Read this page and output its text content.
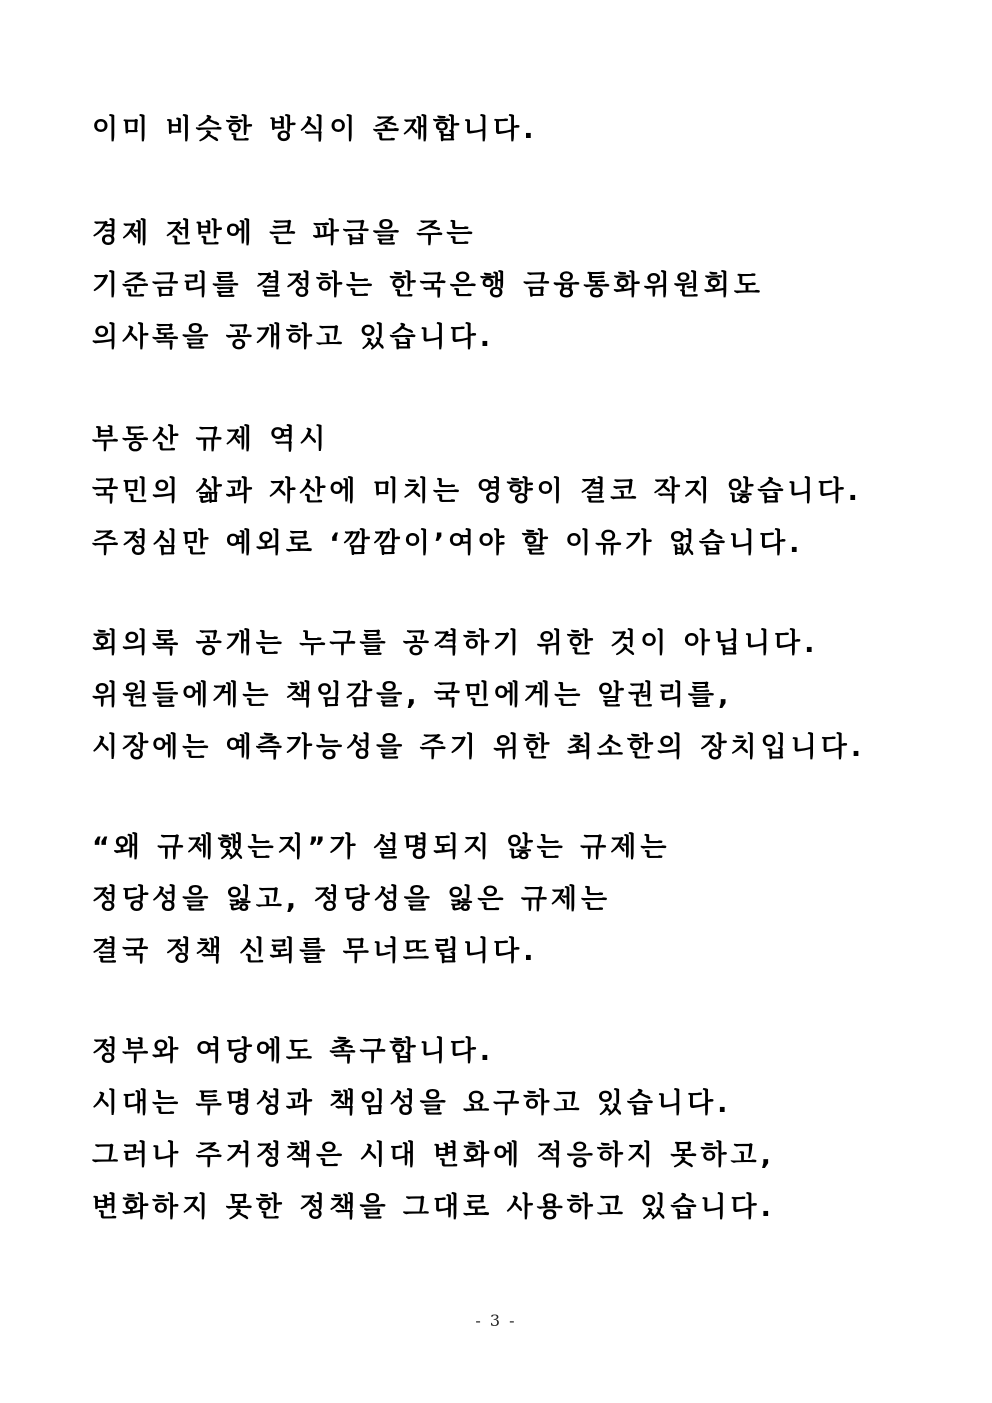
이미 비슷한 방식이 존재합니다.
경제 전반에 큰 파급을 주는
기준금리를 결정하는 한국은행 금융통화위원회도
의사록을 공개하고 있습니다.
부동산 규제 역시
국민의 삶과 자산에 미치는 영향이 결코 작지 않습니다.
주정심만 예외로 ‘깜깜이’여야 할 이유가 없습니다.
회의록 공개는 누구를 공격하기 위한 것이 아닙니다.
위원들에게는 책임감을, 국민에게는 알권리를,
시장에는 예측가능성을 주기 위한 최소한의 장치입니다.
“왜 규제했는지”가 설명되지 않는 규제는
정당성을 잃고, 정당성을 잃은 규제는
결국 정책 신뢰를 무너뜨립니다.
정부와 여당에도 촉구합니다.
시대는 투명성과 책임성을 요구하고 있습니다.
그러나 주거정책은 시대 변화에 적응하지 못하고,
변화하지 못한 정책을 그대로 사용하고 있습니다.
- 3 -
